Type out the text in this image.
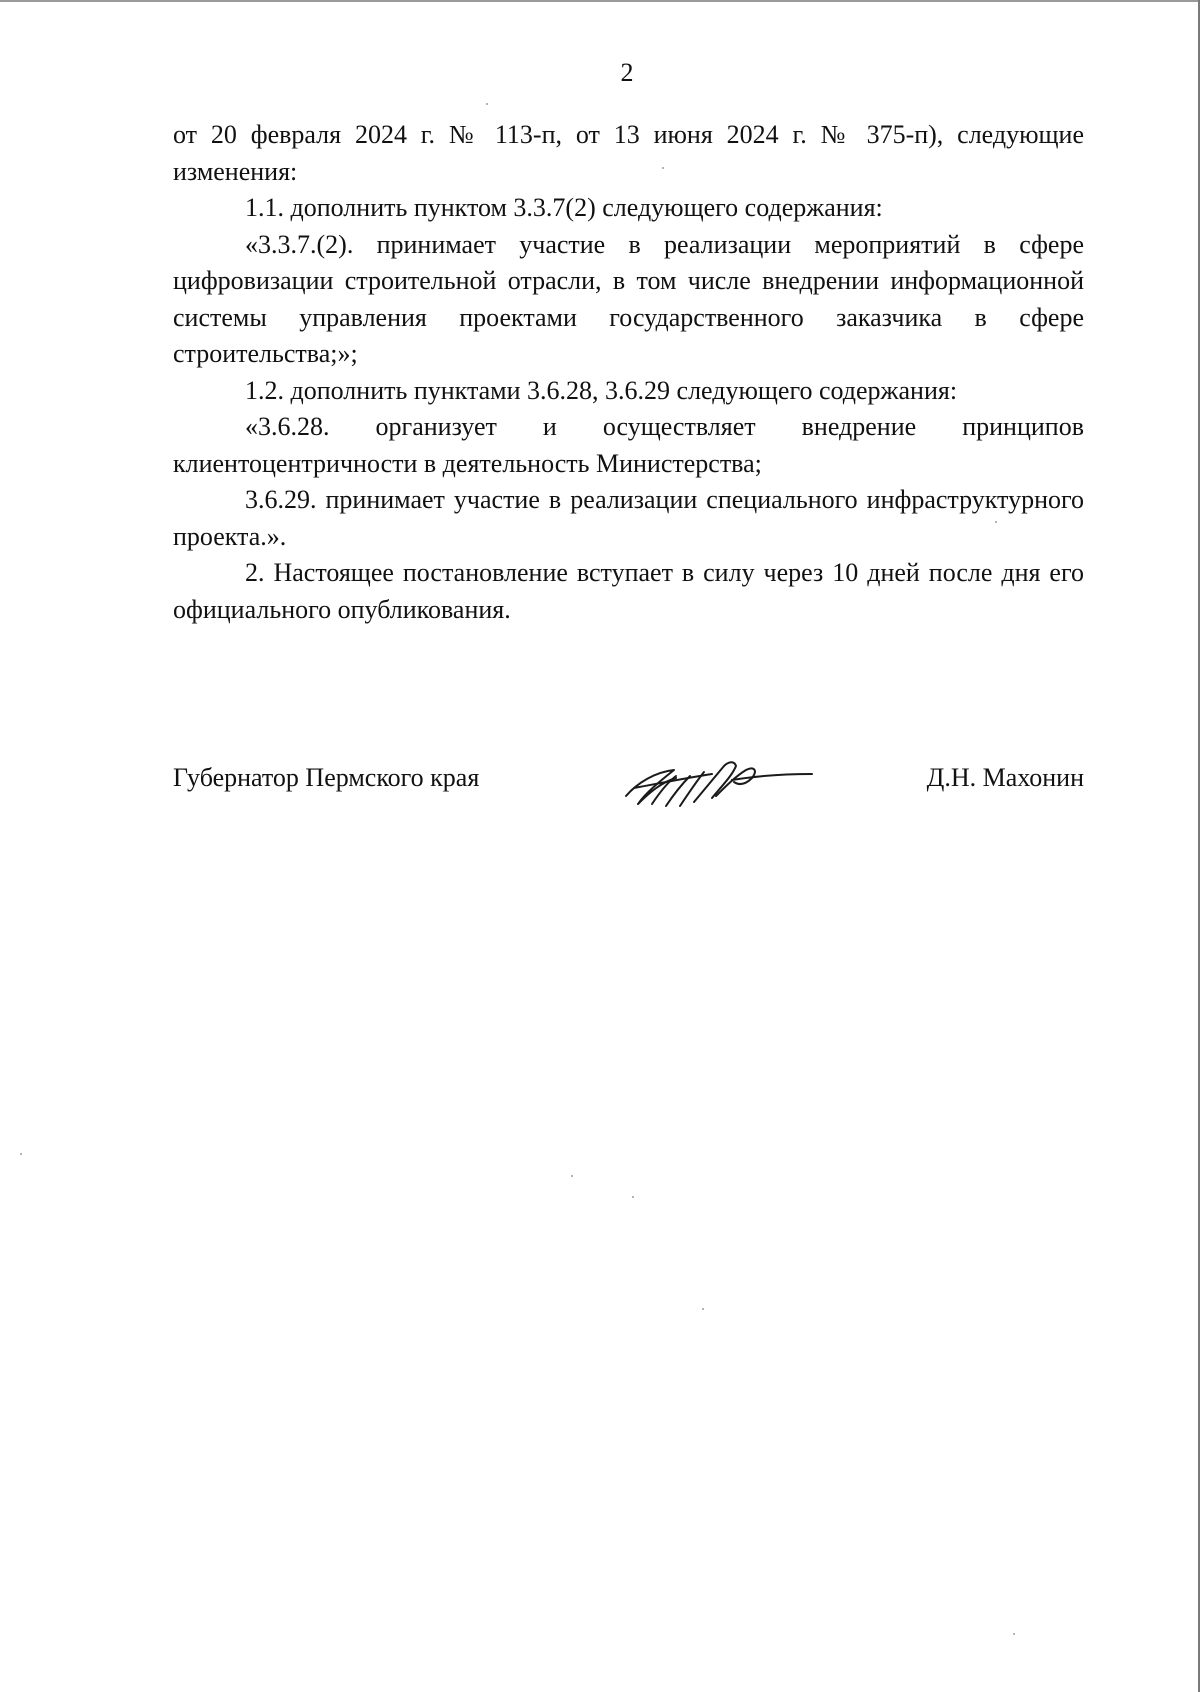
2

от 20 февраля 2024 г. № 113-п, от 13 июня 2024 г. № 375-п), следующие изменения:

1.1. дополнить пунктом 3.3.7(2) следующего содержания:

«3.3.7.(2). принимает участие в реализации мероприятий в сфере цифровизации строительной отрасли, в том числе внедрении информационной системы управления проектами государственного заказчика в сфере строительства;»;

1.2. дополнить пунктами 3.6.28, 3.6.29 следующего содержания:

«3.6.28. организует и осуществляет внедрение принципов клиентоцентричности в деятельность Министерства;

3.6.29. принимает участие в реализации специального инфраструктурного проекта.».

2. Настоящее постановление вступает в силу через 10 дней после дня его официального опубликования.

Губернатор Пермского края	Д.Н. Махонин
